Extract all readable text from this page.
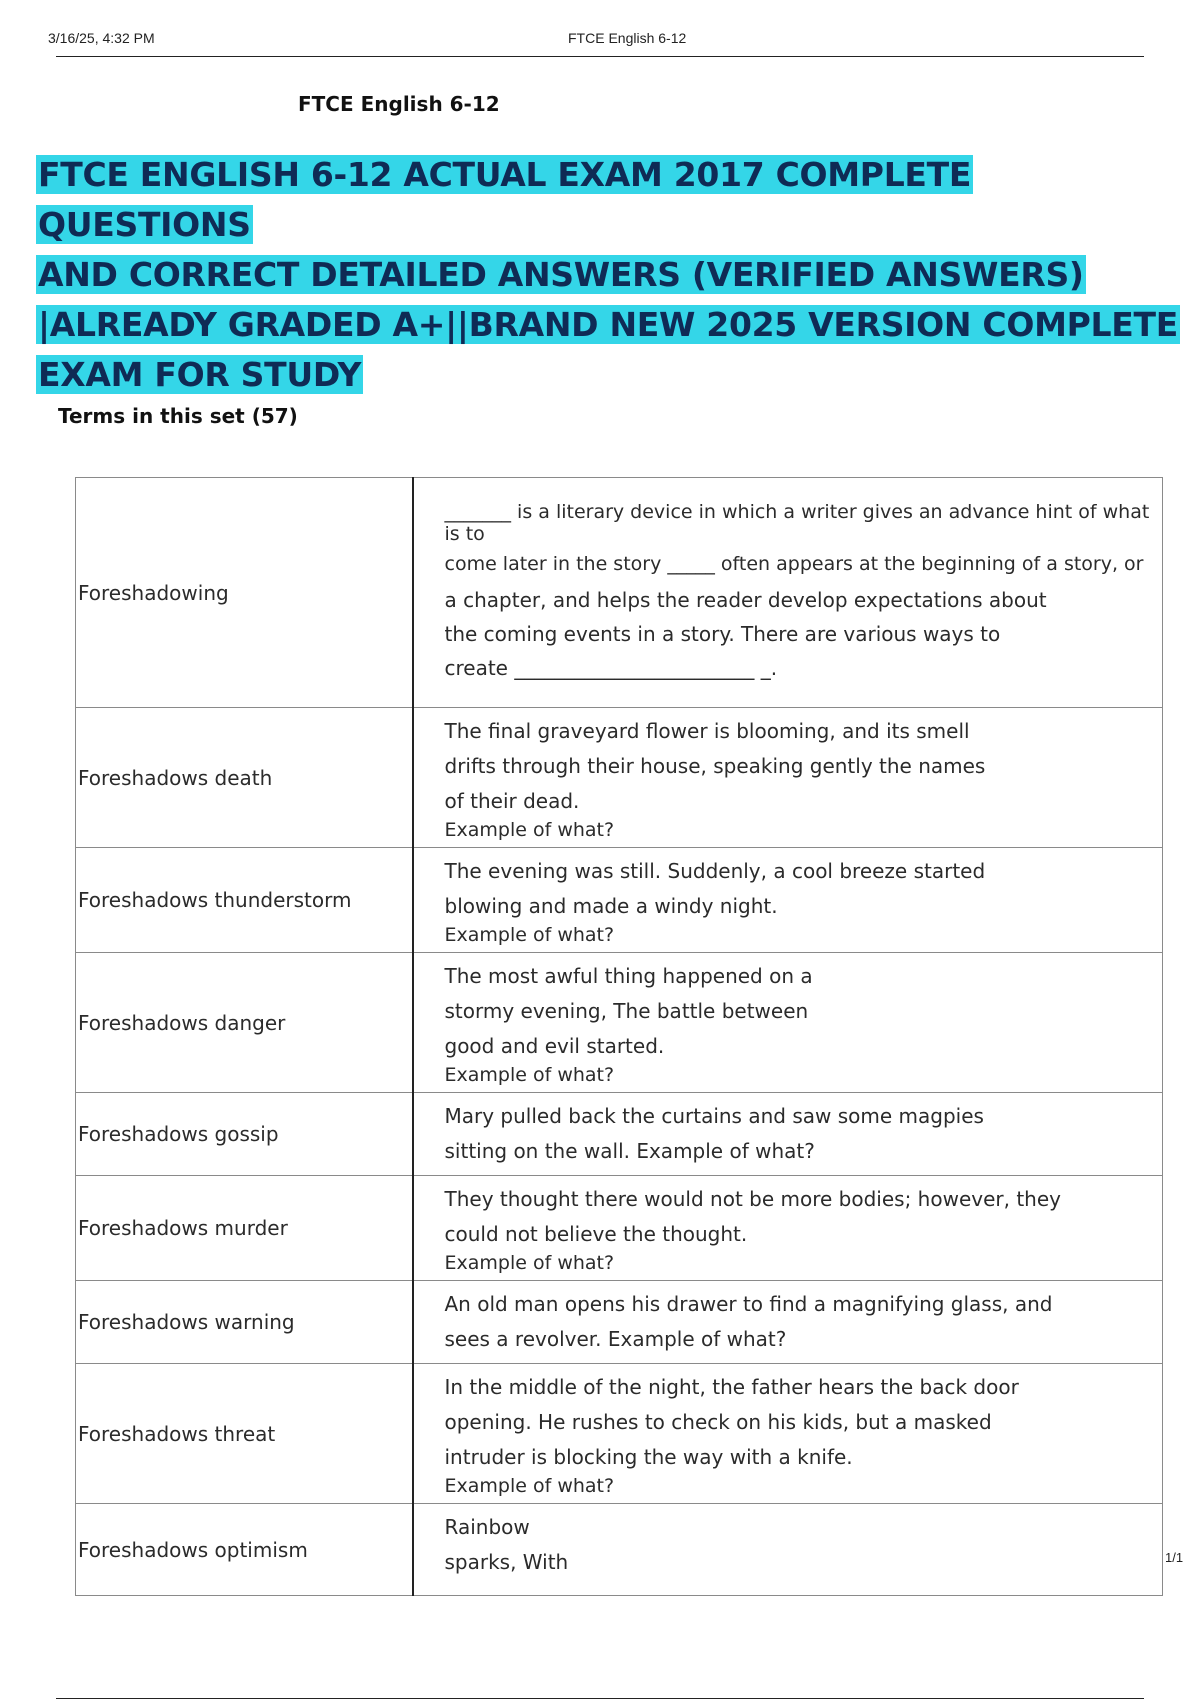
3/16/25, 4:32 PM	FTCE English 6-12
FTCE English 6-12
FTCE ENGLISH 6-12 ACTUAL EXAM 2017 COMPLETE QUESTIONS
AND CORRECT DETAILED ANSWERS (VERIFIED ANSWERS)
|ALREADY GRADED A+||BRAND NEW 2025 VERSION COMPLETE
EXAM FOR STUDY
Terms in this set (57)
Foreshadowing	_______ is a literary device in which a writer gives an advance hint of what is to
come later in the story _____ often appears at the beginning of a story, or
a chapter, and helps the reader develop expectations about
the coming events in a story. There are various ways to
create ________________________ _.

Foreshadows death	The final graveyard flower is blooming, and its smell
drifts through their house, speaking gently the names
of their dead.
Example of what?

Foreshadows thunderstorm	The evening was still. Suddenly, a cool breeze started
blowing and made a windy night.
Example of what?

Foreshadows danger	The most awful thing happened on a
stormy evening, The battle between
good and evil started.
Example of what?

Foreshadows gossip	Mary pulled back the curtains and saw some magpies
sitting on the wall. Example of what?

Foreshadows murder	They thought there would not be more bodies; however, they
could not believe the thought.
Example of what?

Foreshadows warning	An old man opens his drawer to find a magnifying glass, and
sees a revolver. Example of what?

Foreshadows threat	In the middle of the night, the father hears the back door
opening. He rushes to check on his kids, but a masked
intruder is blocking the way with a knife.
Example of what?

Foreshadows optimism	Rainbow
sparks, With	1/1
